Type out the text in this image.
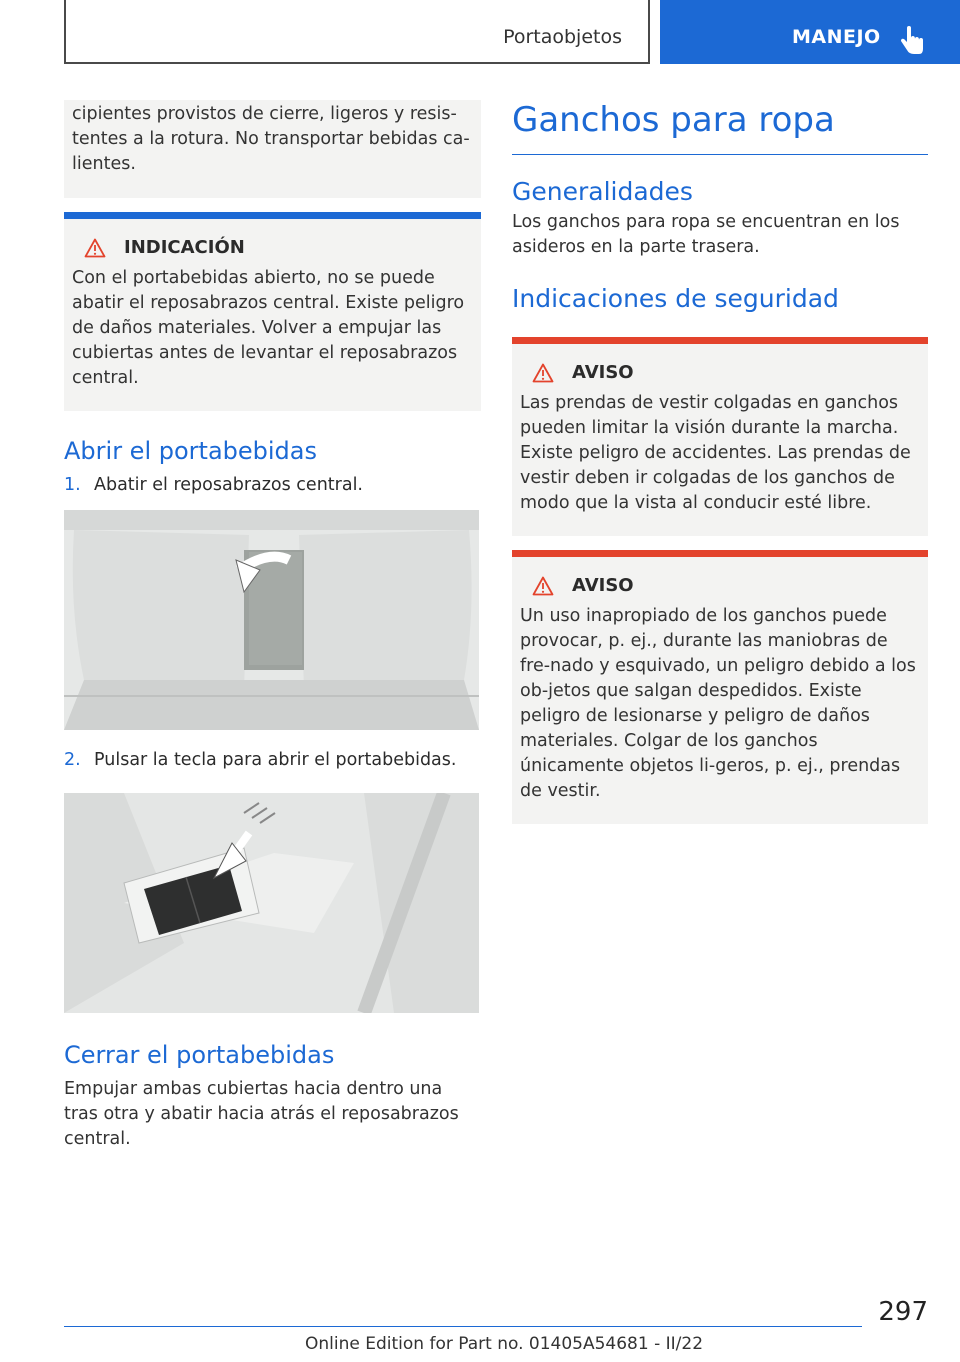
Portaobjetos	MANEJO
cipientes provistos de cierre, ligeros y resis-tentes a la rotura. No transportar bebidas ca-lientes.
INDICACIÓN
Con el portabebidas abierto, no se puede abatir el reposabrazos central. Existe peligro de daños materiales. Volver a empujar las cubiertas antes de levantar el reposabrazos central.
Abrir el portabebidas
1. Abatir el reposabrazos central.
2. Pulsar la tecla para abrir el portabebidas.
Cerrar el portabebidas
Empujar ambas cubiertas hacia dentro una tras otra y abatir hacia atrás el reposabrazos central.
Ganchos para ropa
Generalidades
Los ganchos para ropa se encuentran en los asideros en la parte trasera.
Indicaciones de seguridad
AVISO
Las prendas de vestir colgadas en ganchos pueden limitar la visión durante la marcha. Existe peligro de accidentes. Las prendas de vestir deben ir colgadas de los ganchos de modo que la vista al conducir esté libre.
AVISO
Un uso inapropiado de los ganchos puede provocar, p. ej., durante las maniobras de fre-nado y esquivado, un peligro debido a los ob-jetos que salgan despedidos. Existe peligro de lesionarse y peligro de daños materiales. Colgar de los ganchos únicamente objetos li-geros, p. ej., prendas de vestir.
297
Online Edition for Part no. 01405A54681 - II/22
